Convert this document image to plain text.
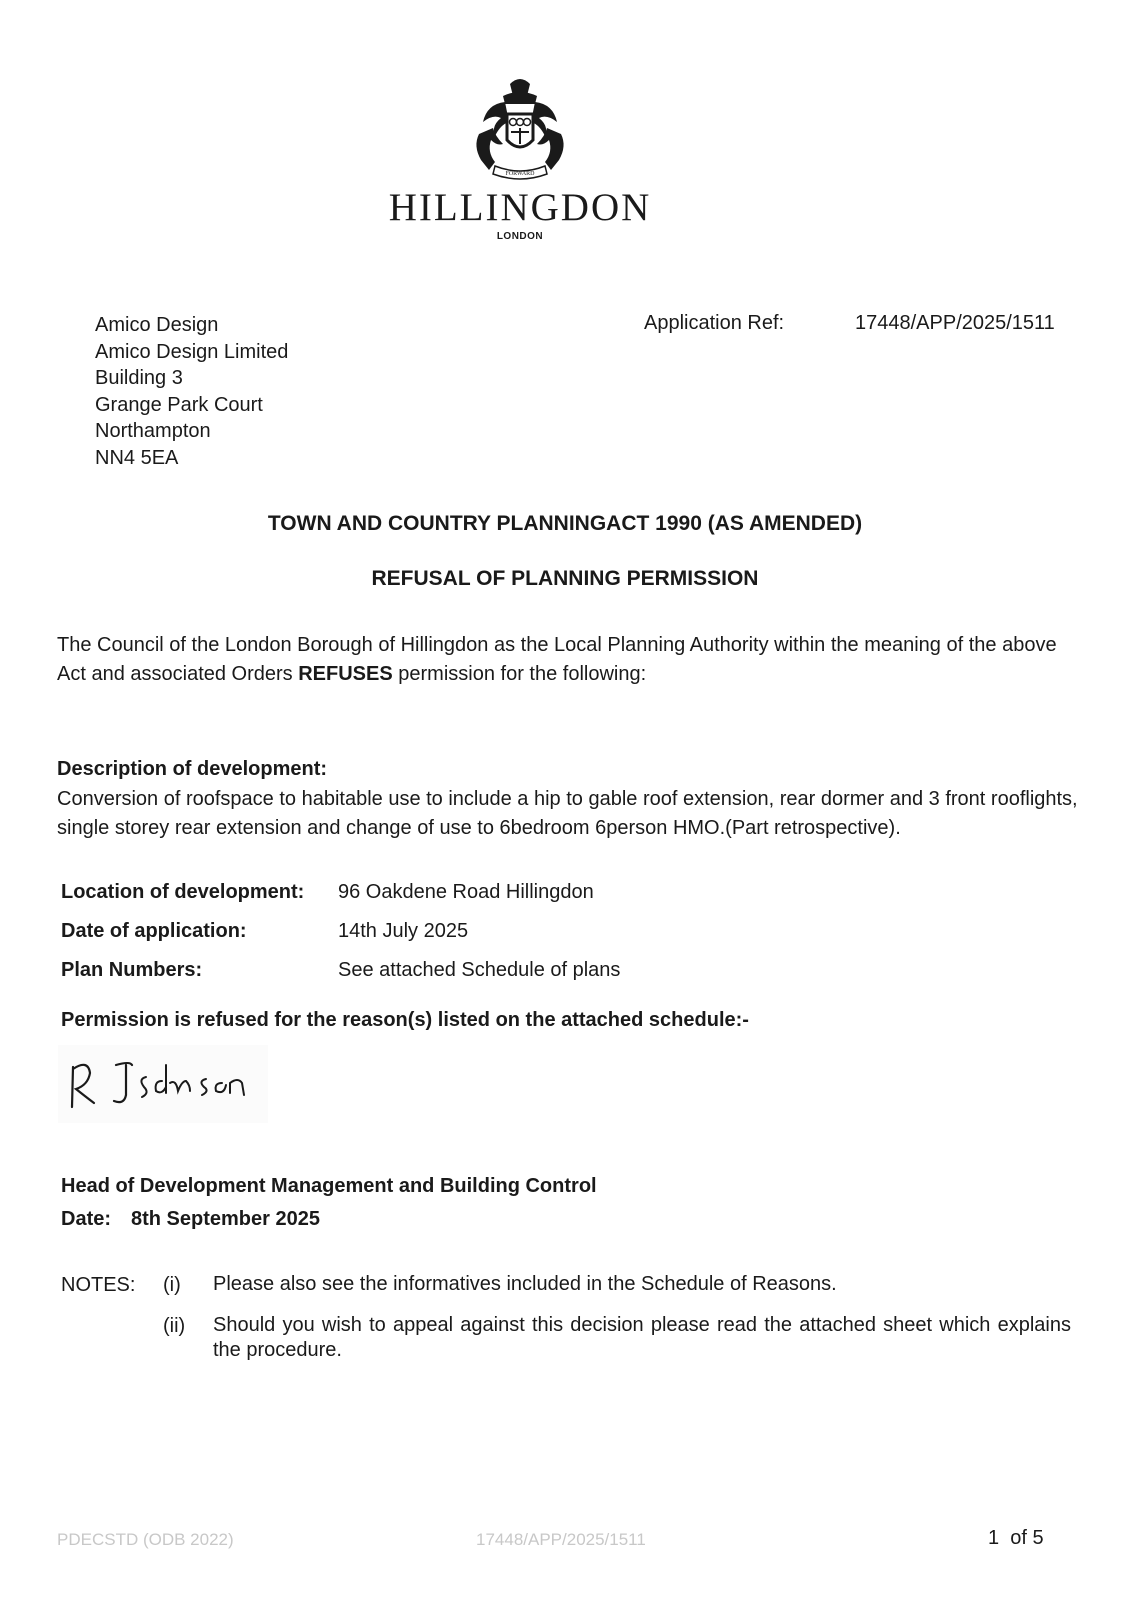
FORWARD
HILLINGDON
LONDON
Amico Design
Amico Design Limited
Building 3
Grange Park Court
Northampton
NN4 5EA
Application Ref:	17448/APP/2025/1511
TOWN AND COUNTRY PLANNINGACT 1990 (AS AMENDED)
REFUSAL OF PLANNING PERMISSION
The Council of the London Borough of Hillingdon as the Local Planning Authority within the meaning of the above Act and associated Orders REFUSES permission for the following:
Description of development:
Conversion of roofspace to habitable use to include a hip to gable roof extension, rear dormer and 3 front rooflights, single storey rear extension and change of use to 6bedroom 6person HMO.(Part retrospective).
Location of development: 96 Oakdene Road Hillingdon
Date of application:	14th July 2025
Plan Numbers:	See attached Schedule of plans
Permission is refused for the reason(s) listed on the attached schedule:-
Head of Development Management and Building Control
Date: 8th September 2025
NOTES: (i) Please also see the informatives included in the Schedule of Reasons.
(ii) Should you wish to appeal against this decision please read the attached sheet which explains the procedure.
PDECSTD (ODB 2022)	17448/APP/2025/1511	1  of 5
